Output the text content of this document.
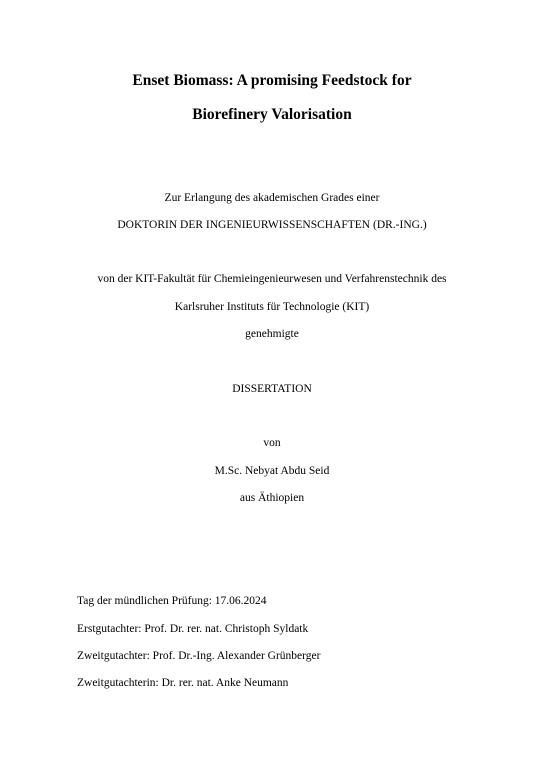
Enset Biomass: A promising Feedstock for
Biorefinery Valorisation
Zur Erlangung des akademischen Grades einer
DOKTORIN DER INGENIEURWISSENSCHAFTEN (DR.-ING.)
von der KIT-Fakultät für Chemieingenieurwesen und Verfahrenstechnik des
Karlsruher Instituts für Technologie (KIT)
genehmigte
DISSERTATION
von
M.Sc. Nebyat Abdu Seid
aus Äthiopien
Tag der mündlichen Prüfung: 17.06.2024
Erstgutachter: Prof. Dr. rer. nat. Christoph Syldatk
Zweitgutachter: Prof. Dr.-Ing. Alexander Grünberger
Zweitgutachterin: Dr. rer. nat. Anke Neumann
